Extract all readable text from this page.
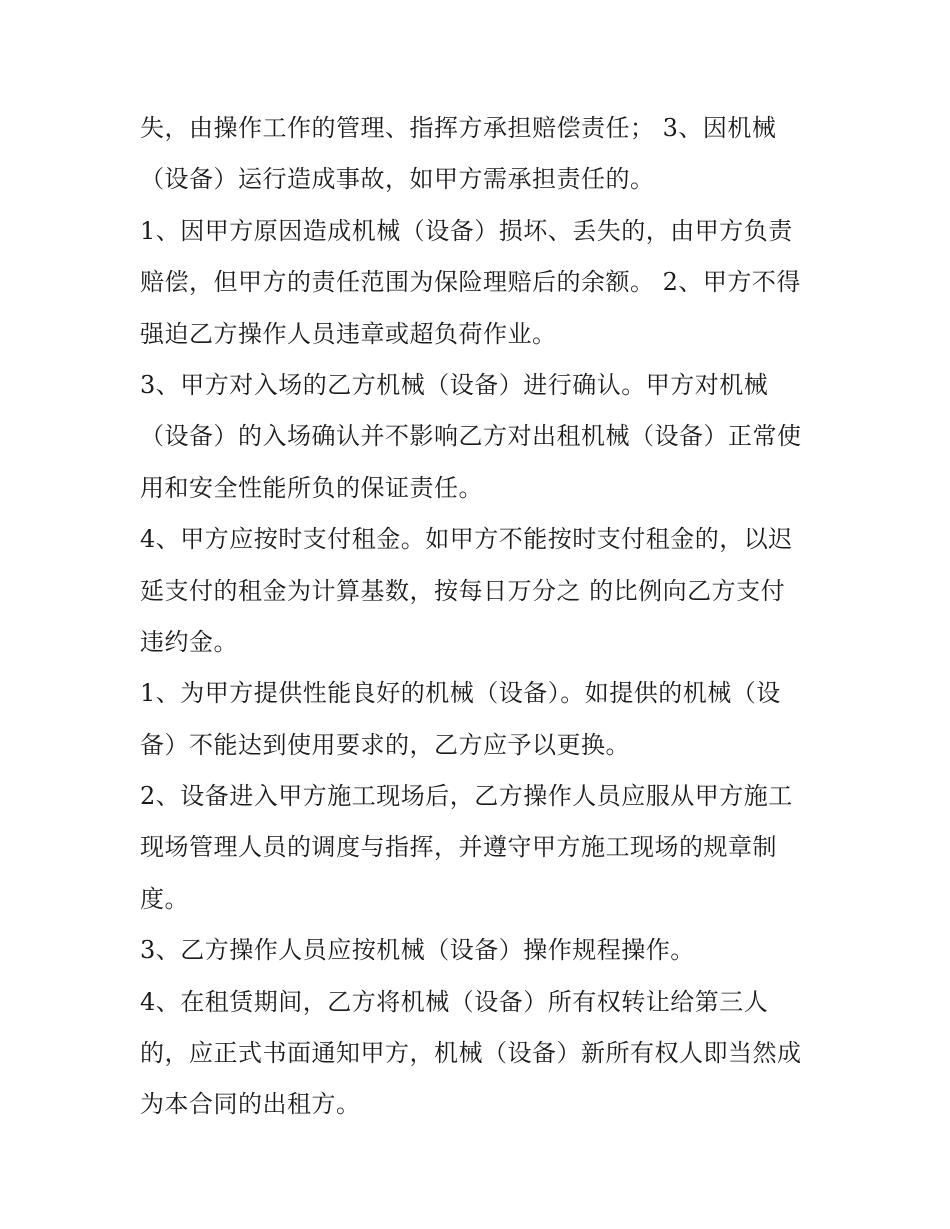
失，由操作工作的管理、指挥方承担赔偿责任； 3、因机械
（设备）运行造成事故，如甲方需承担责任的。
1、因甲方原因造成机械（设备）损坏、丢失的，由甲方负责
赔偿，但甲方的责任范围为保险理赔后的余额。 2、甲方不得
强迫乙方操作人员违章或超负荷作业。
3、甲方对入场的乙方机械（设备）进行确认。甲方对机械
（设备）的入场确认并不影响乙方对出租机械（设备）正常使
用和安全性能所负的保证责任。
4、甲方应按时支付租金。如甲方不能按时支付租金的，以迟
延支付的租金为计算基数，按每日万分之 的比例向乙方支付
违约金。
1、为甲方提供性能良好的机械（设备）。如提供的机械（设
备）不能达到使用要求的，乙方应予以更换。
2、设备进入甲方施工现场后，乙方操作人员应服从甲方施工
现场管理人员的调度与指挥，并遵守甲方施工现场的规章制
度。
3、乙方操作人员应按机械（设备）操作规程操作。
4、在租赁期间，乙方将机械（设备）所有权转让给第三人
的，应正式书面通知甲方，机械（设备）新所有权人即当然成
为本合同的出租方。
